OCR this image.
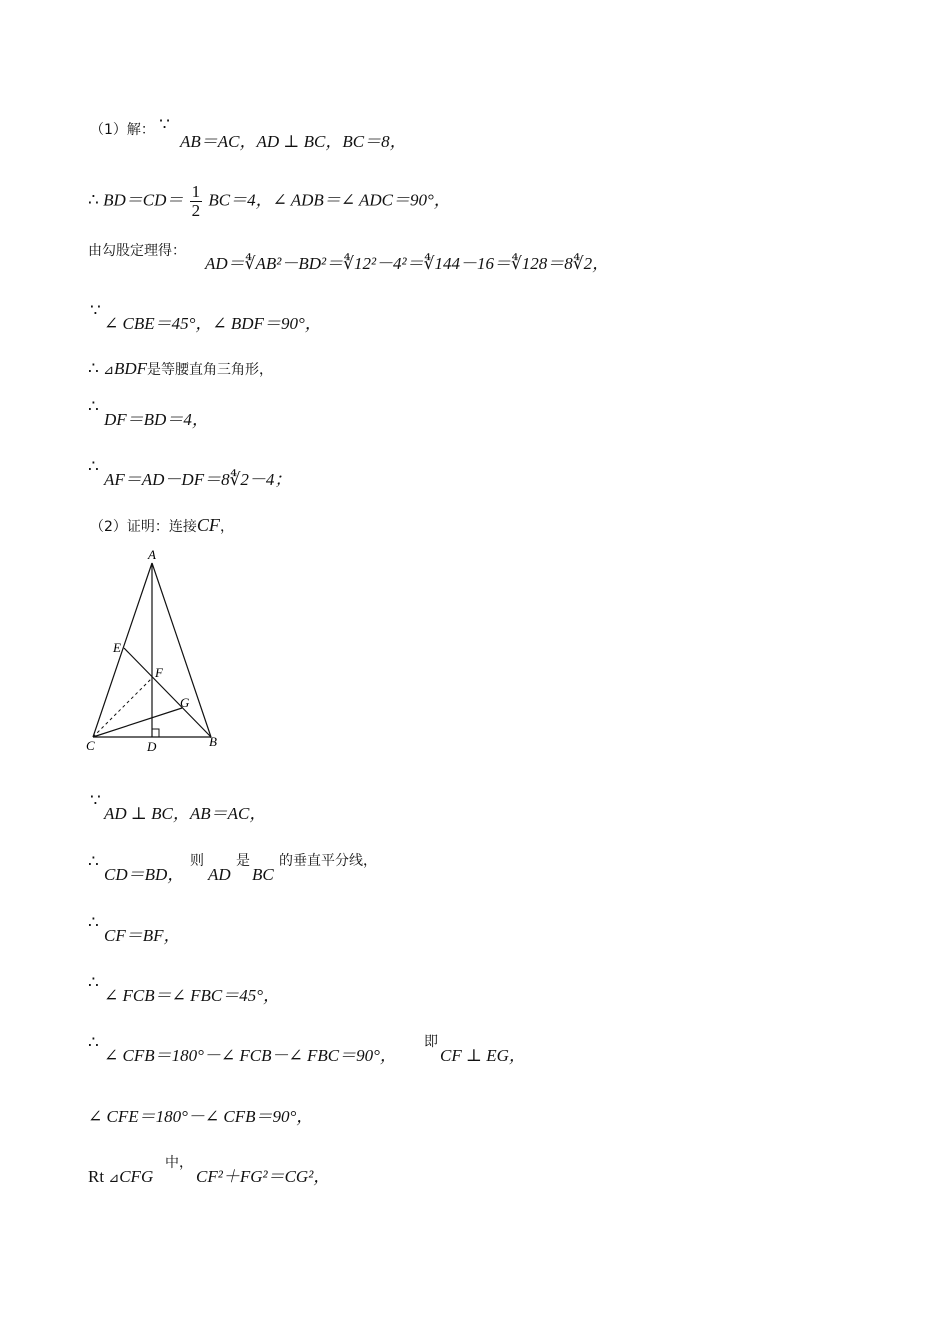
（1）解： ∵
AB＝AC，AD ⊥ BC，BC＝8，
∴ $BD=CD= \frac{1}{2} BC=4$，∠ ADB＝∠ ADC＝90°，
由勾股定理得：
AD＝∜AB²－BD²＝∜12²－4²＝∜144－16＝∜128＝8∜2，
∵
∠ CBE＝45°，∠ BDF＝90°，
∴ ⊿BDF是等腰直角三角形，
∴
DF＝BD＝4，
∴
AF＝AD－DF＝8∜2－4；
（2）证明：连接CF，
A
E
F
G
C	D	B
∵
AD ⊥ BC，AB＝AC，
∴
CD＝BD，
则
AD
是
BC
的垂直平分线，
∴
CF＝BF，
∴
∠ FCB＝∠ FBC＝45°，
∴
∠ CFB＝180°－∠ FCB－∠ FBC＝90°，
即
CF ⊥ EG，
∠ CFE＝180°－∠ CFB＝90°，
Rt ⊿CFG
中，
CF²＋FG²＝CG²，
